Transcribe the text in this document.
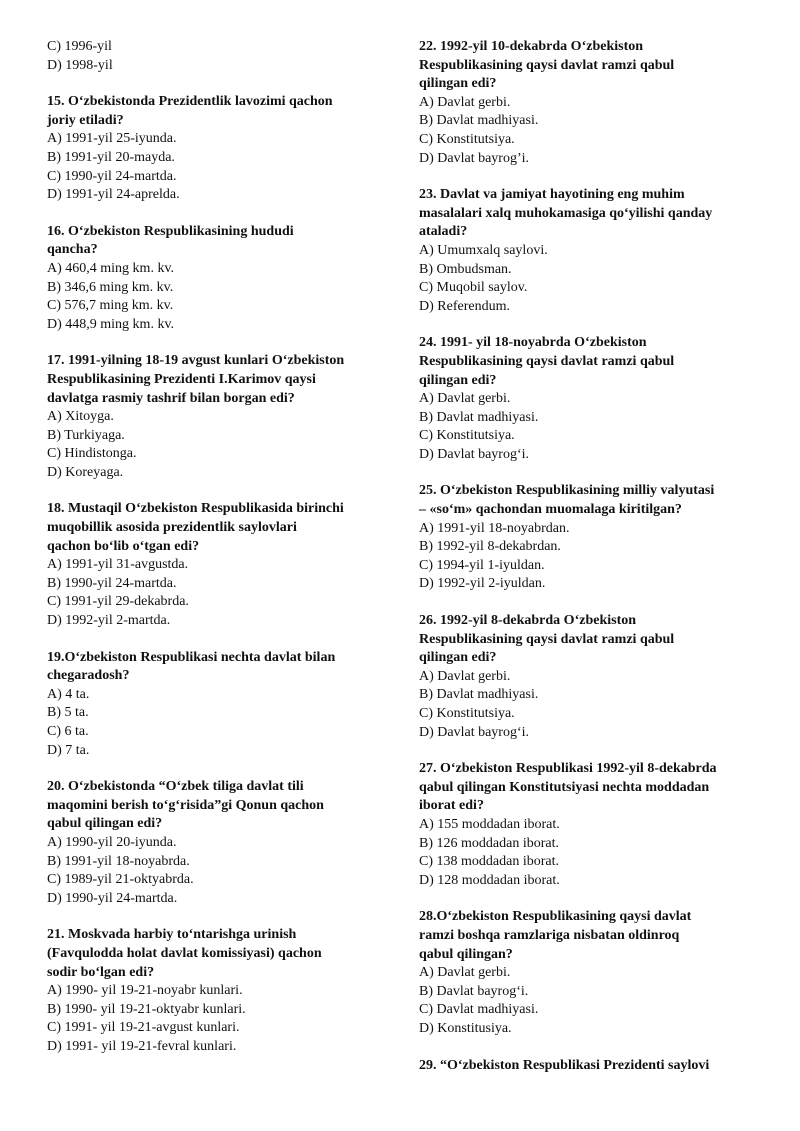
C) 1996-yil
D) 1998-yil
15. O‘zbekistonda Prezidentlik lavozimi qachon
joriy etiladi?
A) 1991-yil 25-iyunda.
B) 1991-yil 20-mayda.
C) 1990-yil 24-martda.
D) 1991-yil 24-aprelda.
16. O‘zbekiston Respublikasining hududi
qancha?
A) 460,4 ming km. kv.
B) 346,6 ming km. kv.
C) 576,7 ming km. kv.
D) 448,9 ming km. kv.
17. 1991-yilning 18-19 avgust kunlari O‘zbekiston
Respublikasining Prezidenti I.Karimov qaysi
davlatga rasmiy tashrif bilan borgan edi?
A) Xitoyga.
B) Turkiyaga.
C) Hindistonga.
D) Koreyaga.
18. Mustaqil O‘zbekiston Respublikasida birinchi
muqobillik asosida prezidentlik saylovlari
qachon bo‘lib o‘tgan edi?
A) 1991-yil 31-avgustda.
B) 1990-yil 24-martda.
C) 1991-yil 29-dekabrda.
D) 1992-yil 2-martda.
19.O‘zbekiston Respublikasi nechta davlat bilan
chegaradosh?
A) 4 ta.
B) 5 ta.
C) 6 ta.
D) 7 ta.
20. O‘zbekistonda “O‘zbek tiliga davlat tili
maqomini berish to‘g‘risida”gi Qonun qachon
qabul qilingan edi?
A) 1990-yil 20-iyunda.
B) 1991-yil 18-noyabrda.
C) 1989-yil 21-oktyabrda.
D) 1990-yil 24-martda.
21. Moskvada harbiy to‘ntarishga urinish
(Favqulodda holat davlat komissiyasi) qachon
sodir bo‘lgan edi?
A) 1990- yil 19-21-noyabr kunlari.
B) 1990- yil 19-21-oktyabr kunlari.
C) 1991- yil 19-21-avgust kunlari.
D) 1991- yil 19-21-fevral kunlari.
22. 1992-yil 10-dekabrda O‘zbekiston
Respublikasining qaysi davlat ramzi qabul
qilingan edi?
A) Davlat gerbi.
B) Davlat madhiyasi.
C) Konstitutsiya.
D) Davlat bayrog’i.
23. Davlat va jamiyat hayotining eng muhim
masalalari xalq muhokamasiga qo‘yilishi qanday
ataladi?
A) Umumxalq saylovi.
B) Ombudsman.
C) Muqobil saylov.
D) Referendum.
24. 1991- yil 18-noyabrda O‘zbekiston
Respublikasining qaysi davlat ramzi qabul
qilingan edi?
A) Davlat gerbi.
B) Davlat madhiyasi.
C) Konstitutsiya.
D) Davlat bayrog‘i.
25. O‘zbekiston Respublikasining milliy valyutasi
– «so‘m» qachondan muomalaga kiritilgan?
A) 1991-yil 18-noyabrdan.
B) 1992-yil 8-dekabrdan.
C) 1994-yil 1-iyuldan.
D) 1992-yil 2-iyuldan.
26. 1992-yil 8-dekabrda O‘zbekiston
Respublikasining qaysi davlat ramzi qabul
qilingan edi?
A) Davlat gerbi.
B) Davlat madhiyasi.
C) Konstitutsiya.
D) Davlat bayrog‘i.
27. O‘zbekiston Respublikasi 1992-yil 8-dekabrda
qabul qilingan Konstitutsiyasi nechta moddadan
iborat edi?
A) 155 moddadan iborat.
B) 126 moddadan iborat.
C) 138 moddadan iborat.
D) 128 moddadan iborat.
28.O‘zbekiston Respublikasining qaysi davlat
ramzi boshqa ramzlariga nisbatan oldinroq
qabul qilingan?
A) Davlat gerbi.
B) Davlat bayrog‘i.
C) Davlat madhiyasi.
D) Konstitusiya.
29. “O‘zbekiston Respublikasi Prezidenti saylovi
